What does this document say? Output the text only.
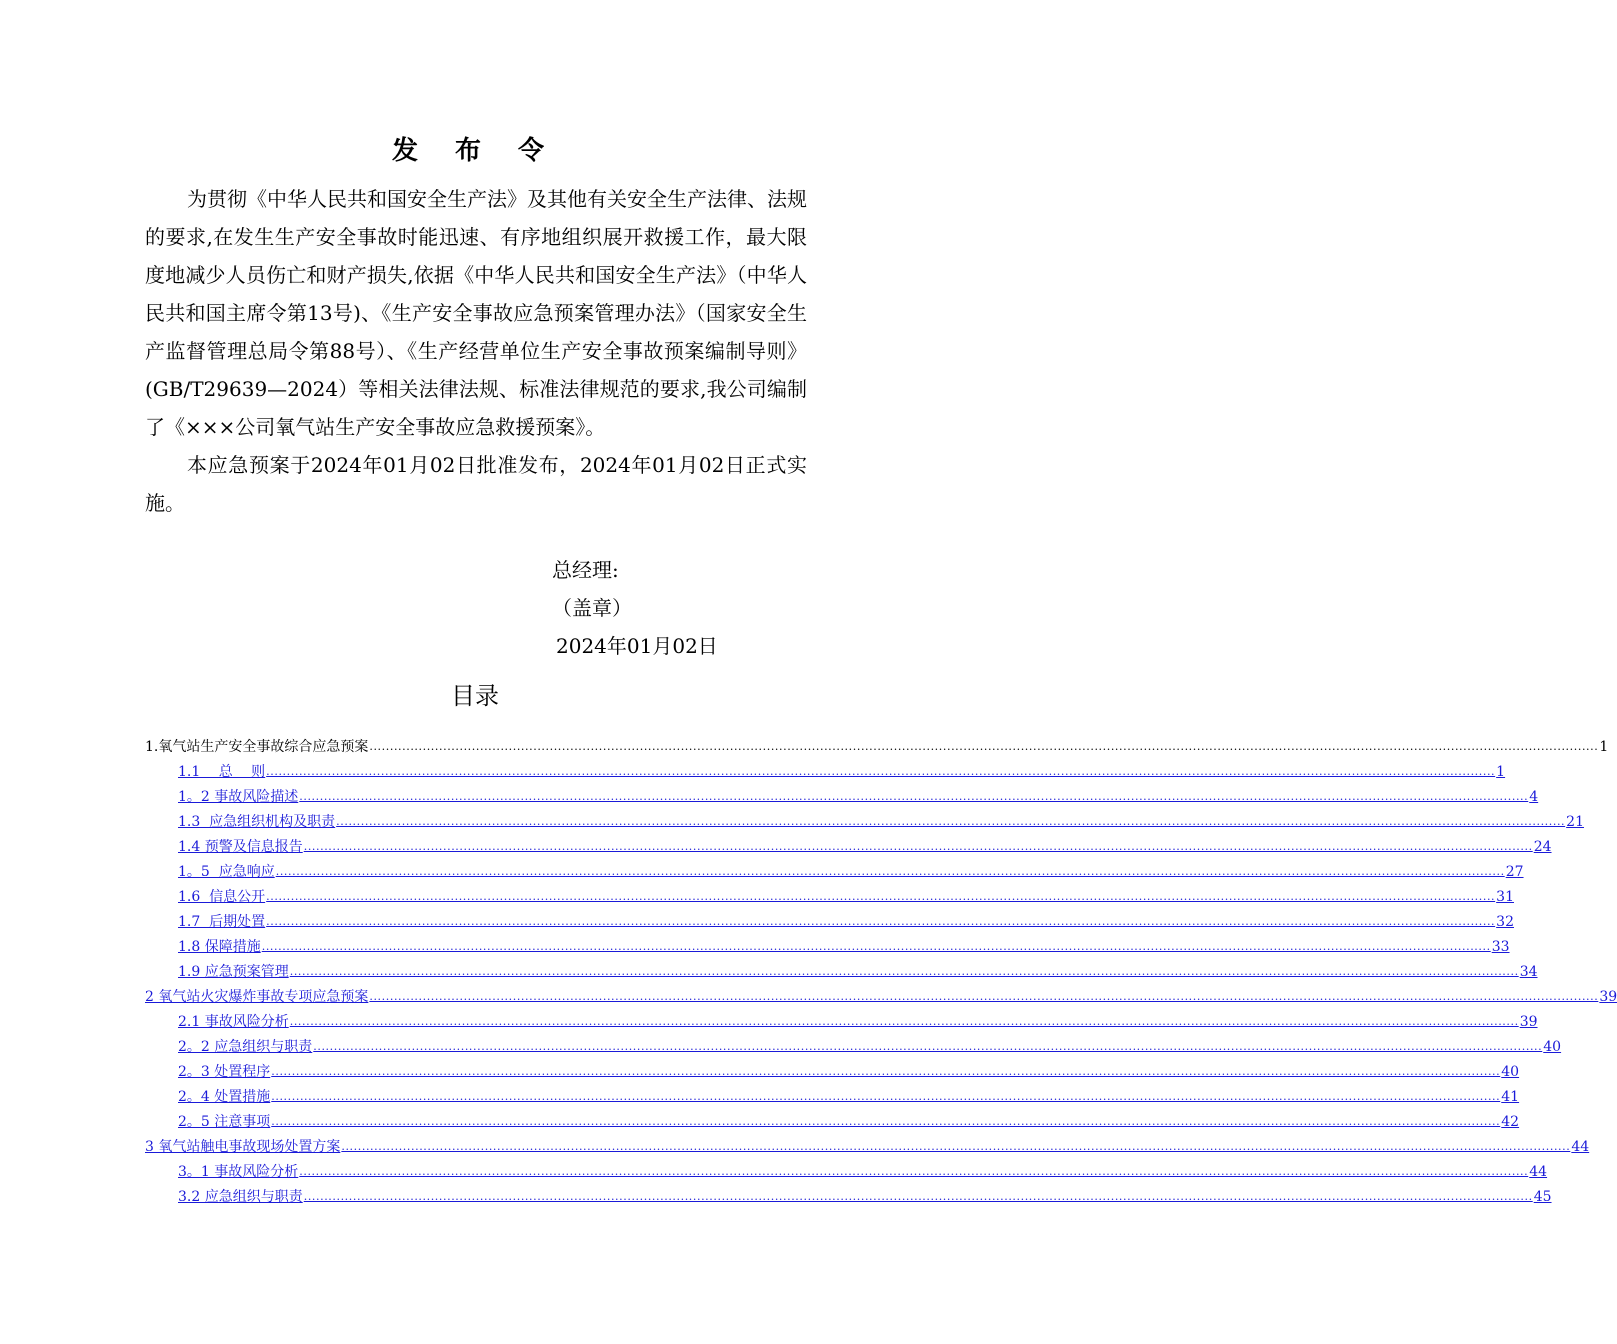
发 布 令

为贯彻《中华人民共和国安全生产法》及其他有关安全生产法律、法规的要求,在发生生产安全事故时能迅速、有序地组织展开救援工作，最大限度地减少人员伤亡和财产损失,依据《中华人民共和国安全生产法》（中华人民共和国主席令第13号)、《生产安全事故应急预案管理办法》（国家安全生产监督管理总局令第88号）、《生产经营单位生产安全事故预案编制导则》(GB/T29639—2024）等相关法律法规、标准法律规范的要求,我公司编制了《×××公司氧气站生产安全事故应急救援预案》。

本应急预案于2024年01月02日批准发布，2024年01月02日正式实施。

总经理:
（盖章）
2024年01月02日
目录
1.氧气站生产安全事故综合应急预案 ............................................................................................................................................................................................................................................................................................................ 1
1.1　 总　 则 ............................................................................................................................................................................................................................................................................................................ 1
1。2 事故风险描述 ............................................................................................................................................................................................................................................................................................................ 4
1.3  应急组织机构及职责 ............................................................................................................................................................................................................................................................................................................ 21
1.4 预警及信息报告 ............................................................................................................................................................................................................................................................................................................ 24
1。5  应急响应 ............................................................................................................................................................................................................................................................................................................ 27
1.6  信息公开 ............................................................................................................................................................................................................................................................................................................ 31
1.7  后期处置 ............................................................................................................................................................................................................................................................................................................ 32
1.8 保障措施 ............................................................................................................................................................................................................................................................................................................ 33
1.9 应急预案管理 ............................................................................................................................................................................................................................................................................................................ 34
2 氧气站火灾爆炸事故专项应急预案 ............................................................................................................................................................................................................................................................................................................ 39
2.1 事故风险分析 ............................................................................................................................................................................................................................................................................................................ 39
2。2 应急组织与职责 ............................................................................................................................................................................................................................................................................................................ 40
2。3 处置程序 ............................................................................................................................................................................................................................................................................................................ 40
2。4 处置措施 ............................................................................................................................................................................................................................................................................................................ 41
2。5 注意事项 ............................................................................................................................................................................................................................................................................................................ 42
3 氧气站触电事故现场处置方案 ............................................................................................................................................................................................................................................................................................................ 44
3。1 事故风险分析 ............................................................................................................................................................................................................................................................................................................ 44
3.2 应急组织与职责 ............................................................................................................................................................................................................................................................................................................ 45
